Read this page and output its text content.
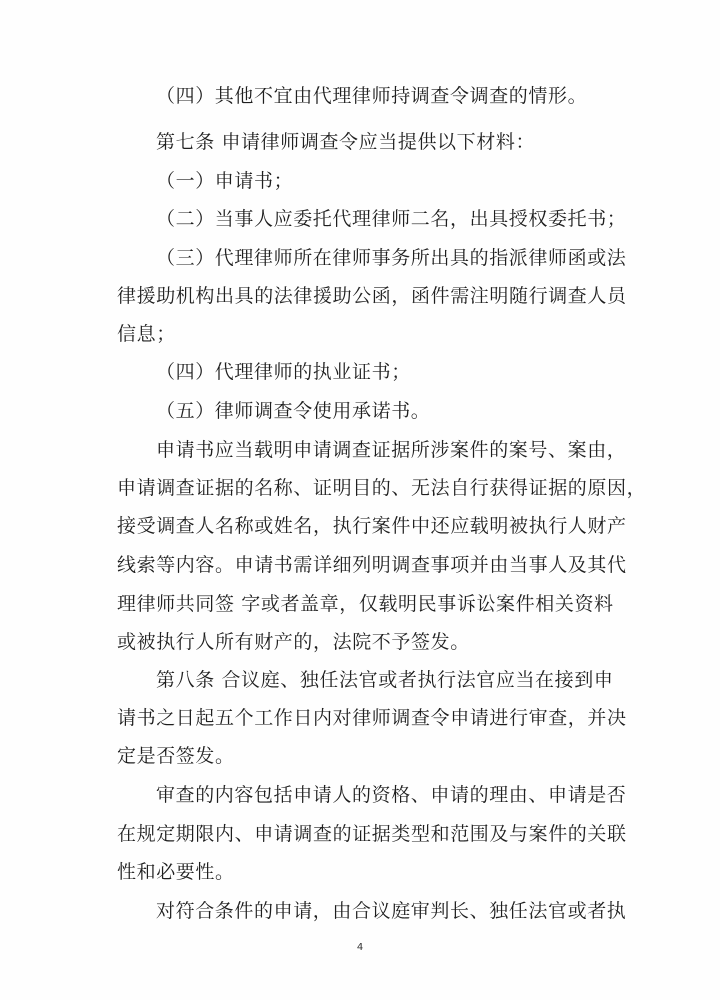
（四）其他不宜由代理律师持调查令调查的情形。

第七条 申请律师调查令应当提供以下材料：

（一）申请书；

（二）当事人应委托代理律师二名，出具授权委托书；

（三）代理律师所在律师事务所出具的指派律师函或法

律援助机构出具的法律援助公函，函件需注明随行调查人员

信息；

（四）代理律师的执业证书；

（五）律师调查令使用承诺书。

申请书应当载明申请调查证据所涉案件的案号、案由，

申请调查证据的名称、证明目的、无法自行获得证据的原因，

接受调查人名称或姓名，执行案件中还应载明被执行人财产

线索等内容。申请书需详细列明调查事项并由当事人及其代

理律师共同签 字或者盖章，仅载明民事诉讼案件相关资料

或被执行人所有财产的，法院不予签发。

第八条 合议庭、独任法官或者执行法官应当在接到申

请书之日起五个工作日内对律师调查令申请进行审查，并决

定是否签发。

审查的内容包括申请人的资格、申请的理由、申请是否

在规定期限内、申请调查的证据类型和范围及与案件的关联

性和必要性。

对符合条件的申请，由合议庭审判长、独任法官或者执

4
